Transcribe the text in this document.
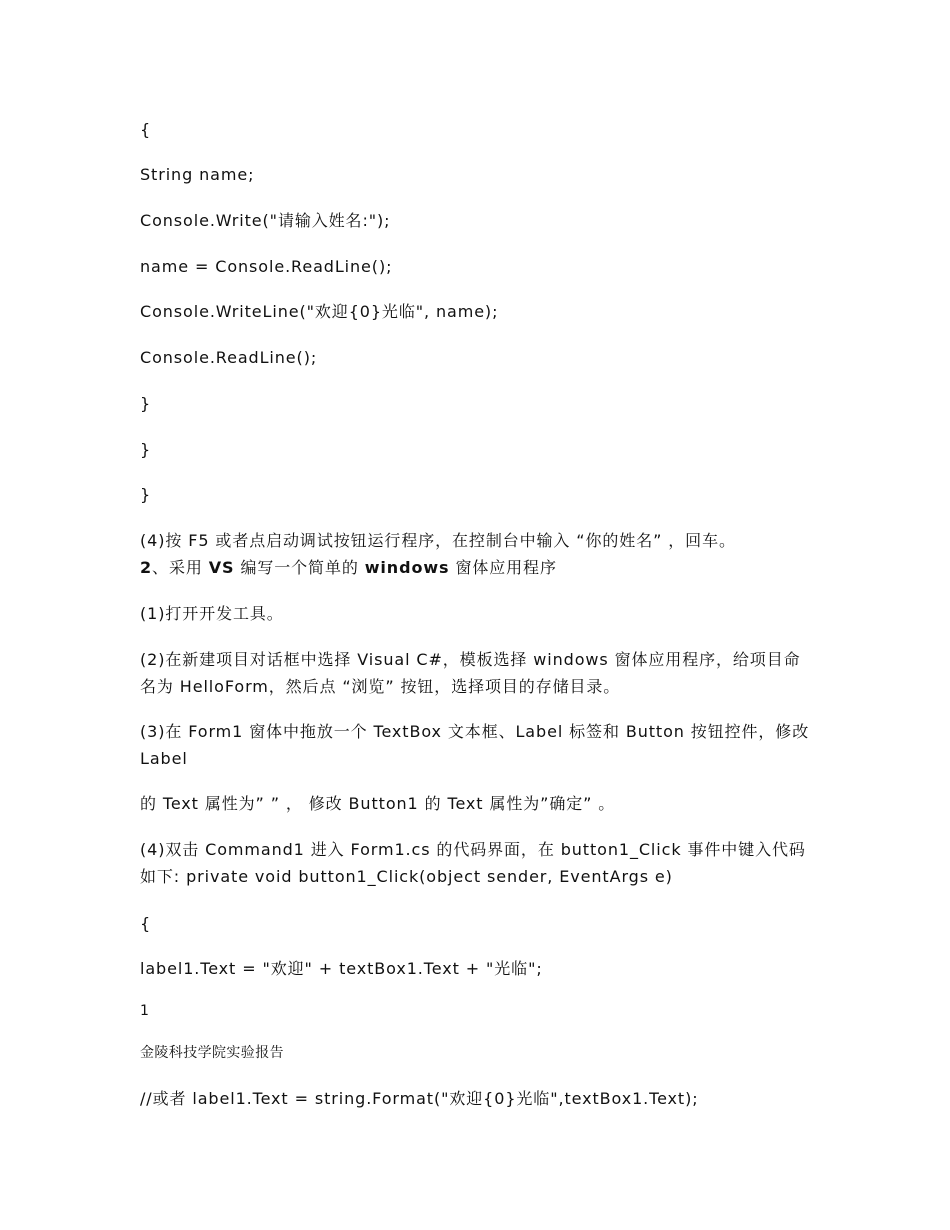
{

String name;

Console.Write("请输入姓名:");

name = Console.ReadLine();

Console.WriteLine("欢迎{0}光临", name);

Console.ReadLine();

}

}

}

(4)按 F5 或者点启动调试按钮运行程序，在控制台中输入 “你的姓名” ，回车。

2、采用 VS 编写一个简单的 windows 窗体应用程序

(1)打开开发工具。

(2)在新建项目对话框中选择 Visual C#，模板选择 windows 窗体应用程序，给项目命名为 HelloForm，然后点 “浏览” 按钮，选择项目的存储目录。

(3)在 Form1 窗体中拖放一个 TextBox 文本框、Label 标签和 Button 按钮控件，修改 Label

的 Text 属性为” ” ， 修改 Button1 的 Text 属性为”确定” 。

(4)双击 Command1 进入 Form1.cs 的代码界面，在 button1_Click 事件中键入代码如下: private void button1_Click(object sender, EventArgs e)

{

label1.Text = "欢迎" + textBox1.Text + "光临";

1

金陵科技学院实验报告

//或者 label1.Text = string.Format("欢迎{0}光临",textBox1.Text);
